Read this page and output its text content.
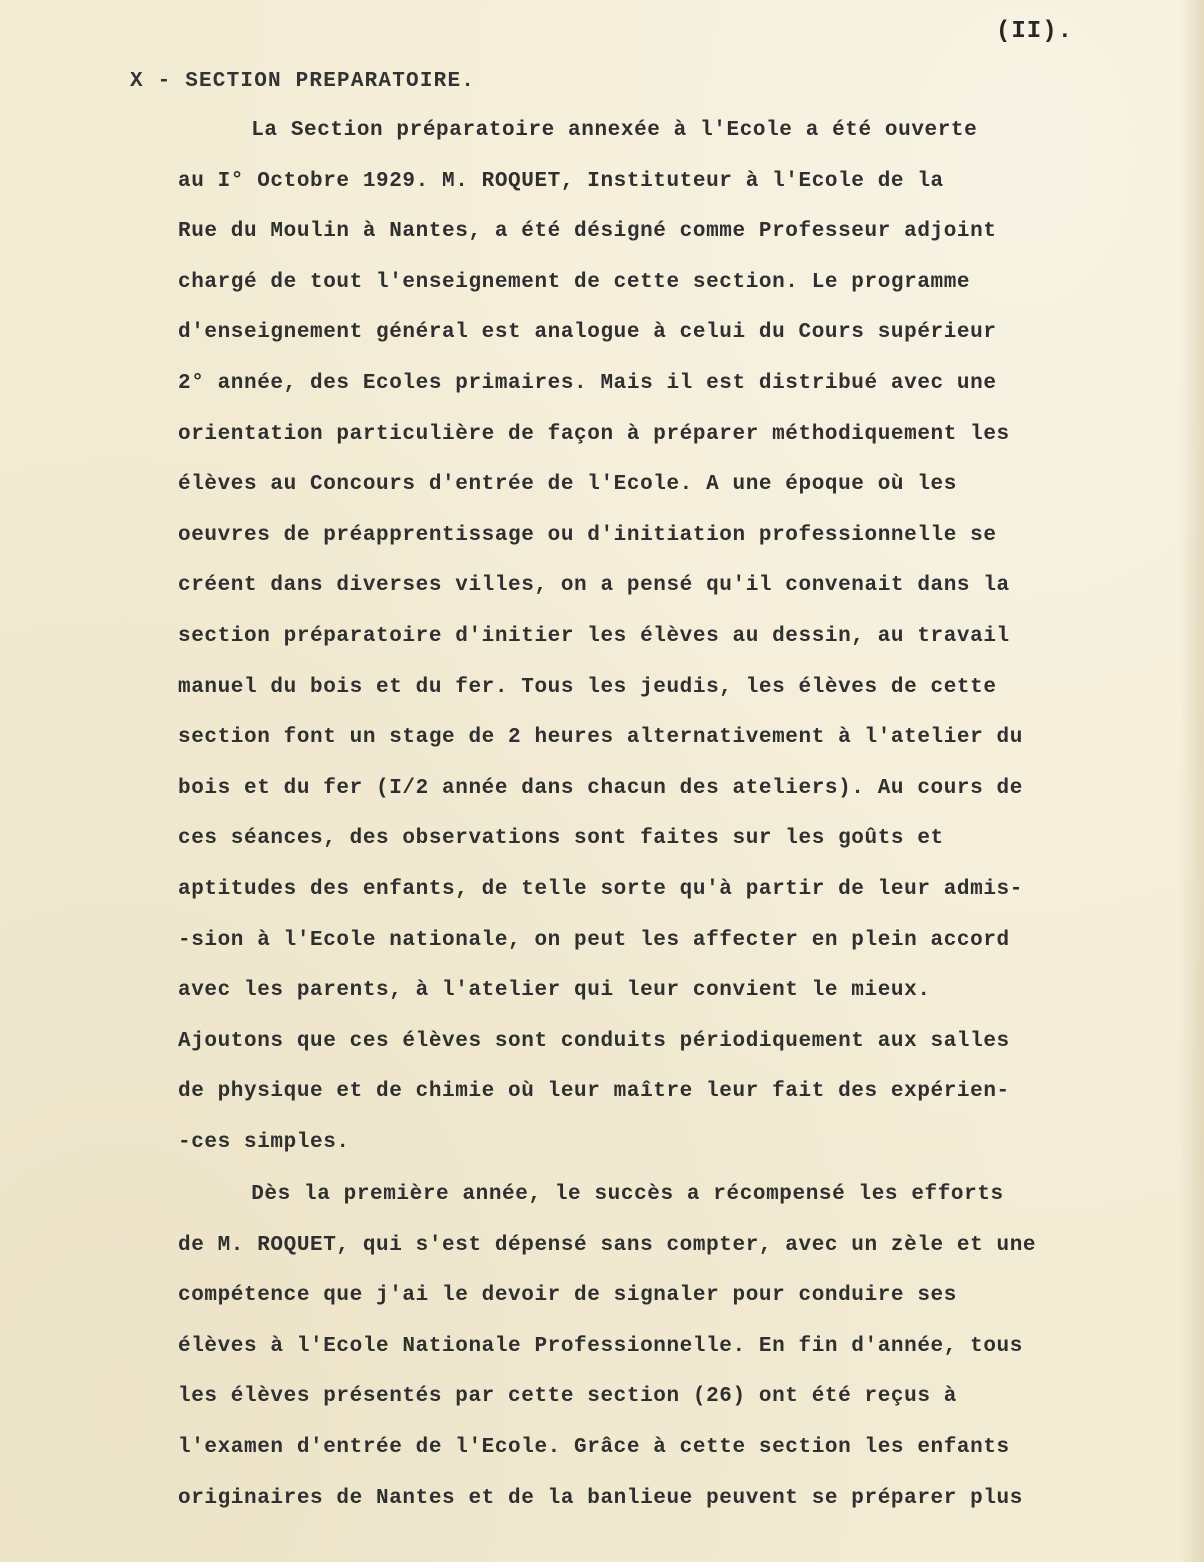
(II).
X - SECTION PREPARATOIRE.
La Section préparatoire annexée à l'Ecole a été ouverte
au I° Octobre 1929. M. ROQUET, Instituteur à l'Ecole de la
Rue du Moulin à Nantes, a été désigné comme Professeur adjoint
chargé de tout l'enseignement de cette section. Le programme
d'enseignement général est analogue à celui du Cours supérieur
2° année, des Ecoles primaires. Mais il est distribué avec une
orientation particulière de façon à préparer méthodiquement les
élèves au Concours d'entrée de l'Ecole. A une époque où les
oeuvres de préapprentissage ou d'initiation professionnelle se
créent dans diverses villes, on a pensé qu'il convenait dans la
section préparatoire d'initier les élèves au dessin, au travail
manuel du bois et du fer. Tous les jeudis, les élèves de cette
section font un stage de 2 heures alternativement à l'atelier du
bois et du fer (I/2 année dans chacun des ateliers). Au cours de
ces séances, des observations sont faites sur les goûts et
aptitudes des enfants, de telle sorte qu'à partir de leur admis-
-sion à l'Ecole nationale, on peut les affecter en plein accord
avec les parents, à l'atelier qui leur convient le mieux.
Ajoutons que ces élèves sont conduits périodiquement aux salles
de physique et de chimie où leur maître leur fait des expérien-
-ces simples.
Dès la première année, le succès a récompensé les efforts
de M. ROQUET, qui s'est dépensé sans compter, avec un zèle et une
compétence que j'ai le devoir de signaler pour conduire ses
élèves à l'Ecole Nationale Professionnelle. En fin d'année, tous
les élèves présentés par cette section (26) ont été reçus à
l'examen d'entrée de l'Ecole. Grâce à cette section les enfants
originaires de Nantes et de la banlieue peuvent se préparer plus
